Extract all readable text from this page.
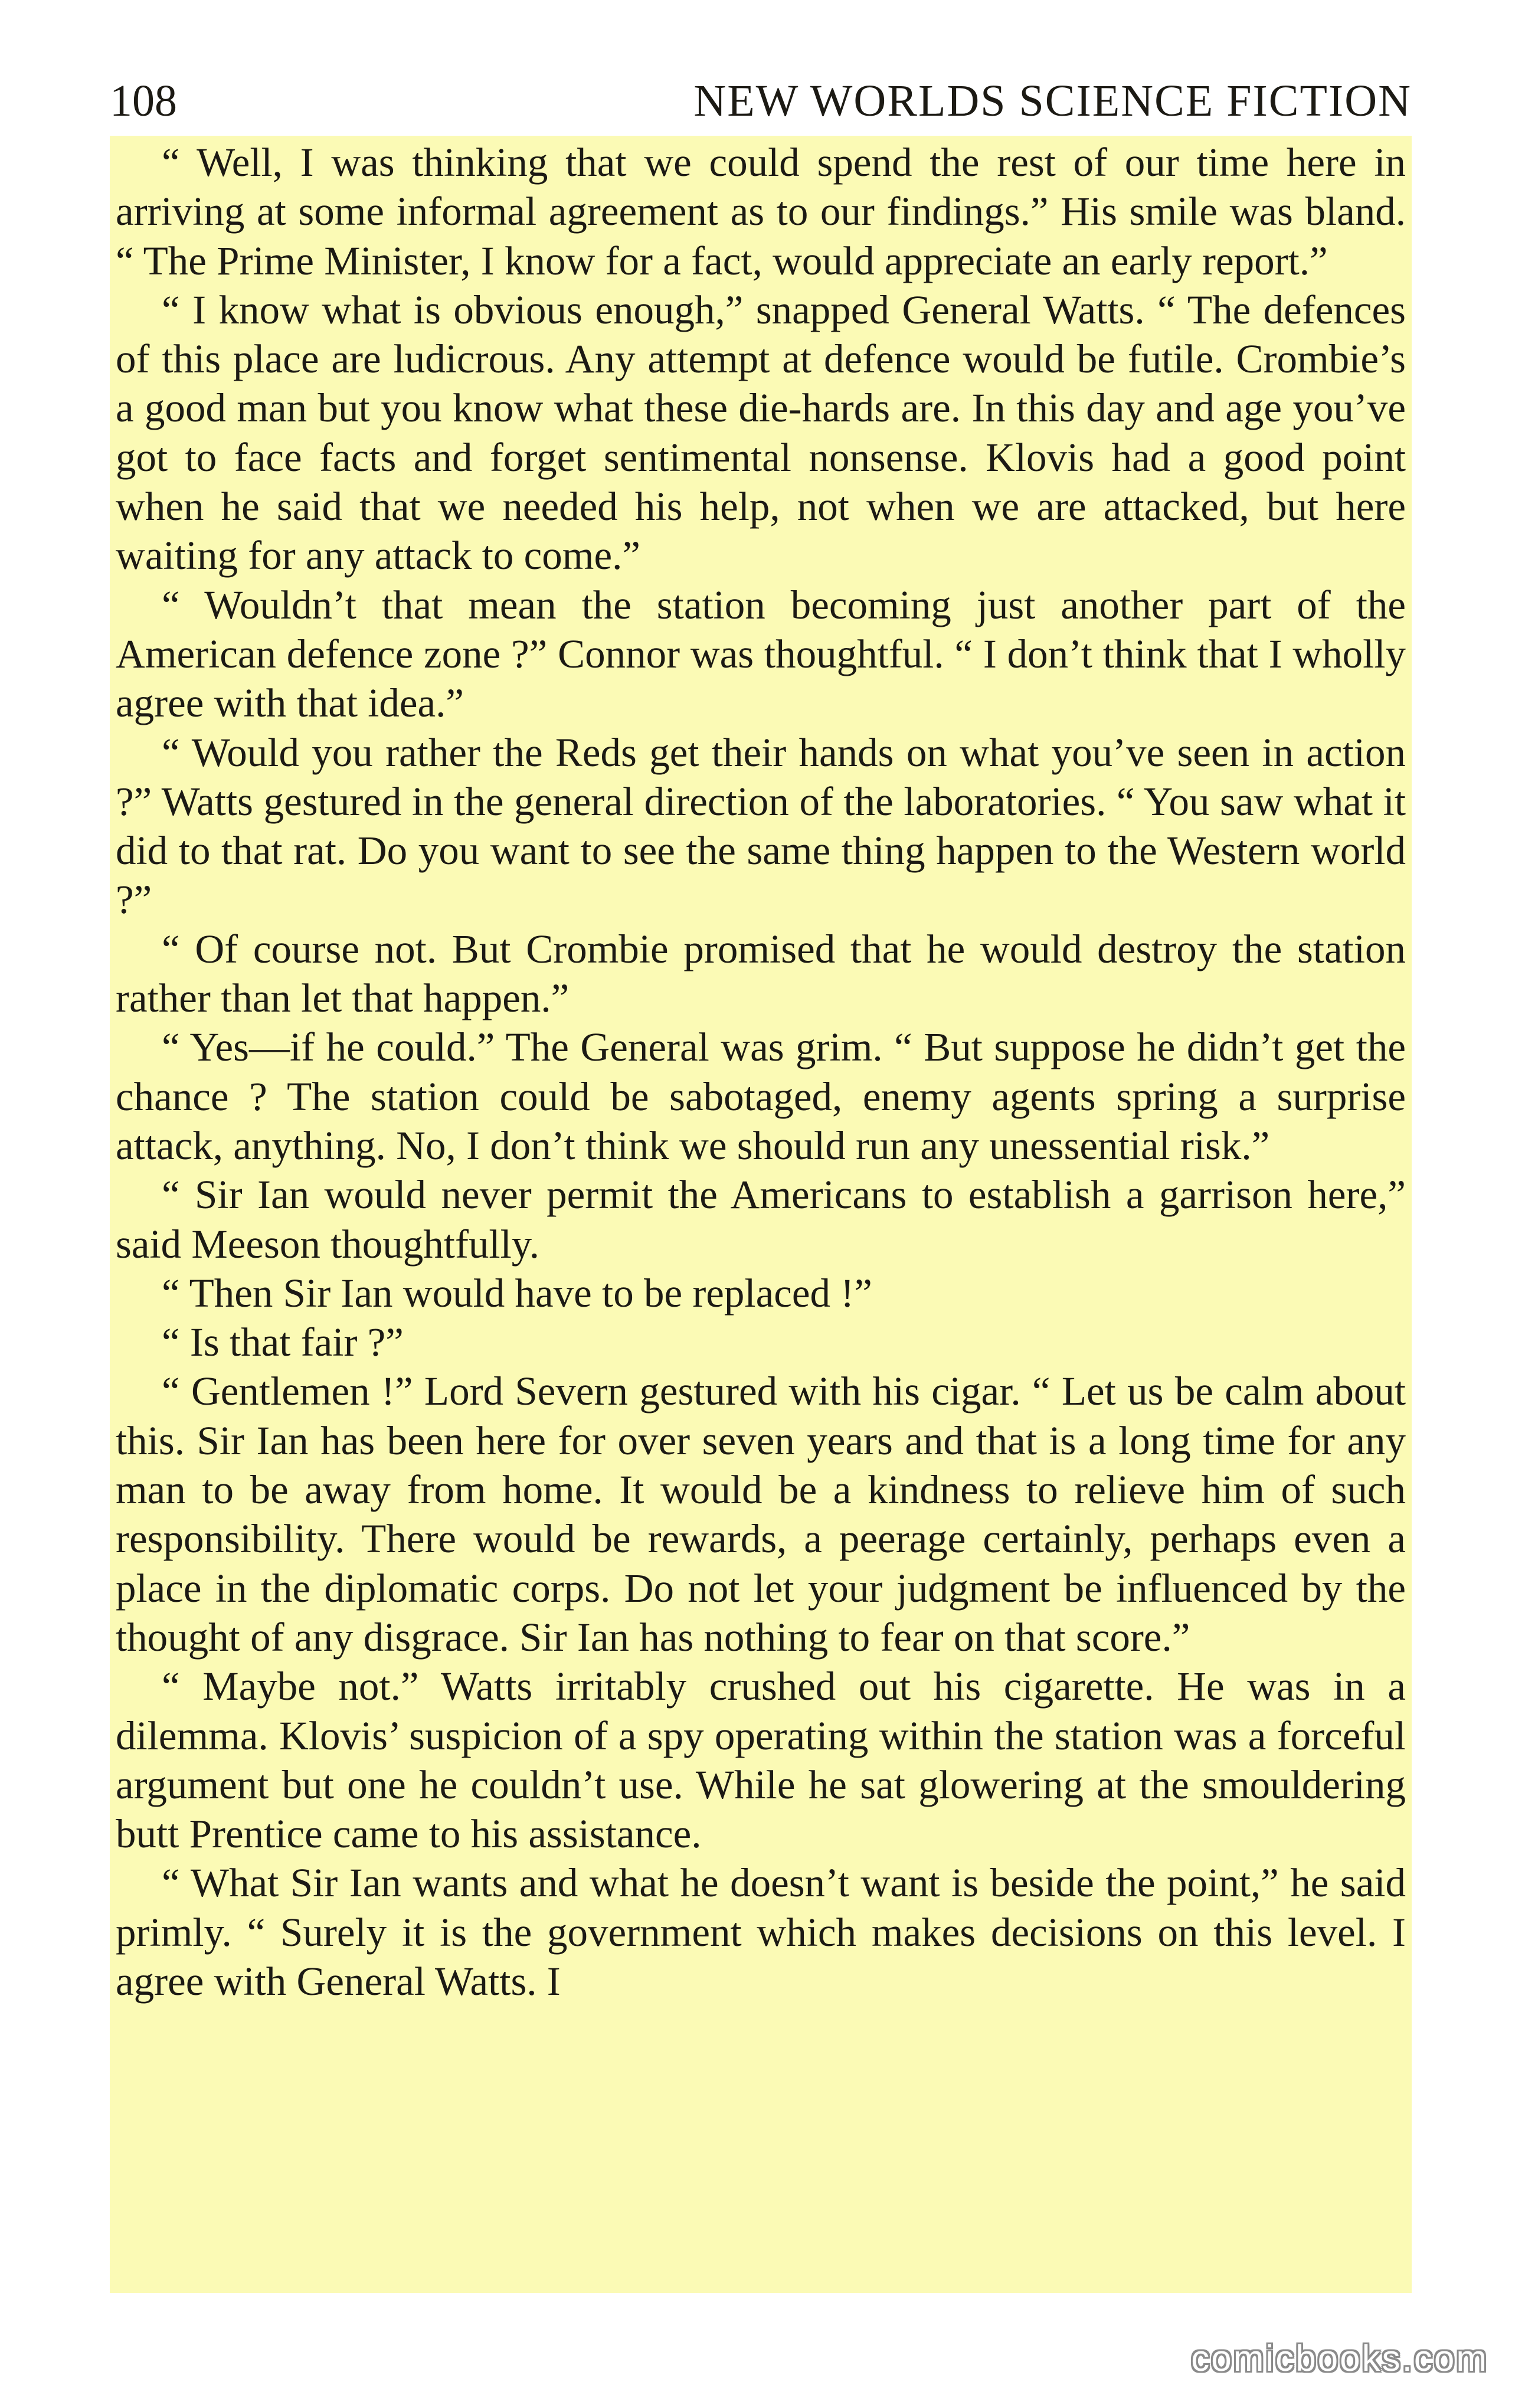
108	NEW WORLDS SCIENCE FICTION

“ Well, I was thinking that we could spend the rest of our time here in arriving at some informal agreement as to our findings.” His smile was bland. “ The Prime Minister, I know for a fact, would appreciate an early report.”

“ I know what is obvious enough,” snapped General Watts. “ The defences of this place are ludicrous. Any attempt at defence would be futile. Crombie’s a good man but you know what these die-hards are. In this day and age you’ve got to face facts and forget sentimental nonsense. Klovis had a good point when he said that we needed his help, not when we are attacked, but here waiting for any attack to come.”

“ Wouldn’t that mean the station becoming just another part of the American defence zone ?” Connor was thoughtful. “ I don’t think that I wholly agree with that idea.”

“ Would you rather the Reds get their hands on what you’ve seen in action ?” Watts gestured in the general direction of the laboratories. “ You saw what it did to that rat. Do you want to see the same thing happen to the Western world ?”

“ Of course not. But Crombie promised that he would destroy the station rather than let that happen.”

“ Yes—if he could.” The General was grim. “ But suppose he didn’t get the chance ? The station could be sabotaged, enemy agents spring a surprise attack, anything. No, I don’t think we should run any unessential risk.”

“ Sir Ian would never permit the Americans to establish a garrison here,” said Meeson thoughtfully.

“ Then Sir Ian would have to be replaced !”

“ Is that fair ?”

“ Gentlemen !” Lord Severn gestured with his cigar. “ Let us be calm about this. Sir Ian has been here for over seven years and that is a long time for any man to be away from home. It would be a kindness to relieve him of such responsibility. There would be rewards, a peerage certainly, perhaps even a place in the diplomatic corps. Do not let your judgment be influenced by the thought of any disgrace. Sir Ian has nothing to fear on that score.”

“ Maybe not.” Watts irritably crushed out his cigarette. He was in a dilemma. Klovis’ suspicion of a spy operating within the station was a forceful argument but one he couldn’t use. While he sat glowering at the smouldering butt Prentice came to his assistance.

“ What Sir Ian wants and what he doesn’t want is beside the point,” he said primly. “ Surely it is the government which makes decisions on this level. I agree with General Watts. I

comicbooks.com
